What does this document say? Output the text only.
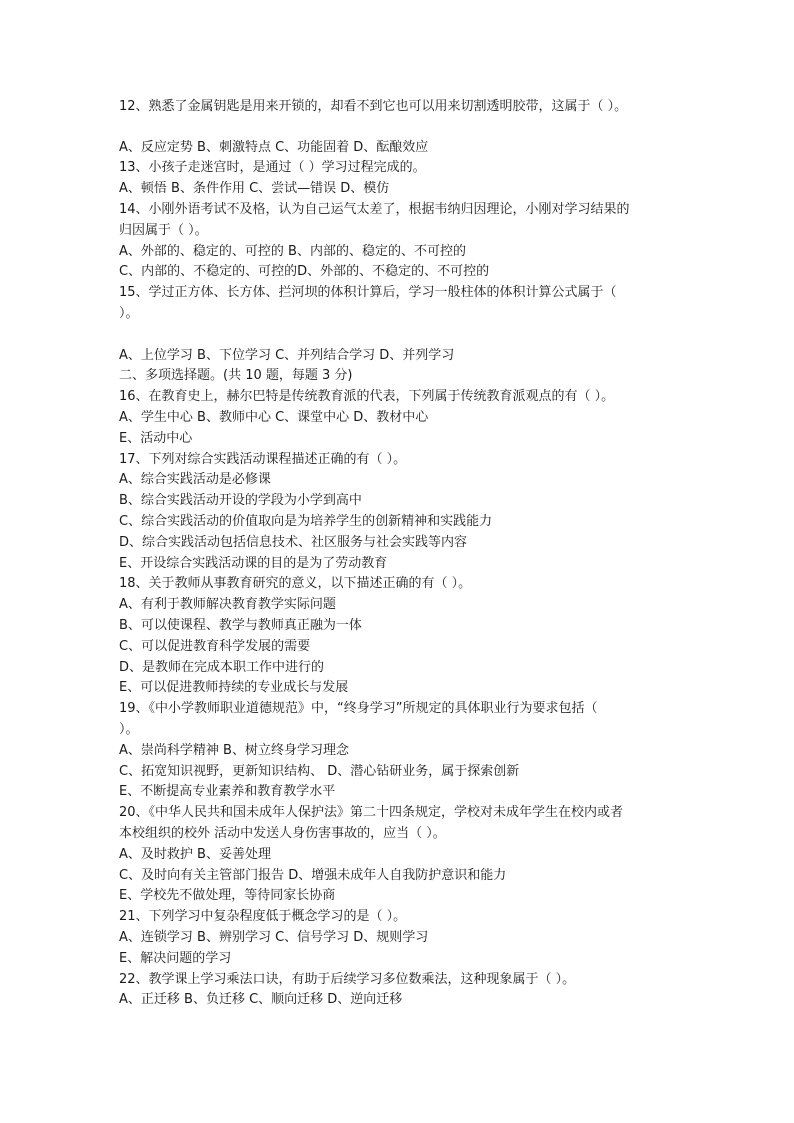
12、熟悉了金属钥匙是用来开锁的，却看不到它也可以用来切割透明胶带，这属于（ ）。
A、反应定势 B、刺激特点 C、功能固着 D、酝酿效应
13、小孩子走迷宫时，是通过（ ）学习过程完成的。
A、顿悟 B、条件作用 C、尝试—错误 D、模仿
14、小刚外语考试不及格，认为自己运气太差了，根据韦纳归因理论，小刚对学习结果的
归因属于（ ）。
A、外部的、稳定的、可控的 B、内部的、稳定的、不可控的
C、内部的、不稳定的、可控的D、外部的、不稳定的、不可控的
15、学过正方体、长方体、拦河坝的体积计算后，学习一般柱体的体积计算公式属于（
）。
A、上位学习 B、下位学习 C、并列结合学习 D、并列学习
二、多项选择题。(共 10 题，每题 3 分)
16、在教育史上，赫尔巴特是传统教育派的代表，下列属于传统教育派观点的有（ ）。
A、学生中心 B、教师中心 C、课堂中心 D、教材中心
E、活动中心
17、下列对综合实践活动课程描述正确的有（ ）。
A、综合实践活动是必修课
B、综合实践活动开设的学段为小学到高中
C、综合实践活动的价值取向是为培养学生的创新精神和实践能力
D、综合实践活动包括信息技术、社区服务与社会实践等内容
E、开设综合实践活动课的目的是为了劳动教育
18、关于教师从事教育研究的意义，以下描述正确的有（ ）。
A、有利于教师解决教育教学实际问题
B、可以使课程、教学与教师真正融为一体
C、可以促进教育科学发展的需要
D、是教师在完成本职工作中进行的
E、可以促进教师持续的专业成长与发展
19、《中小学教师职业道德规范》中，“终身学习”所规定的具体职业行为要求包括（
）。
A、崇尚科学精神 B、树立终身学习理念
C、拓宽知识视野，更新知识结构、 D、潜心钻研业务，属于探索创新
E、不断提高专业素养和教育教学水平
20、《中华人民共和国未成年人保护法》第二十四条规定，学校对未成年学生在校内或者
本校组织的校外 活动中发送人身伤害事故的，应当（ ）。
A、及时救护 B、妥善处理
C、及时向有关主管部门报告 D、增强未成年人自我防护意识和能力
E、学校先不做处理，等待同家长协商
21、下列学习中复杂程度低于概念学习的是（ ）。
A、连锁学习 B、辨别学习 C、信号学习 D、规则学习
E、解决问题的学习
22、教学课上学习乘法口诀，有助于后续学习多位数乘法，这种现象属于（ ）。
A、正迁移 B、负迁移 C、顺向迁移 D、逆向迁移
